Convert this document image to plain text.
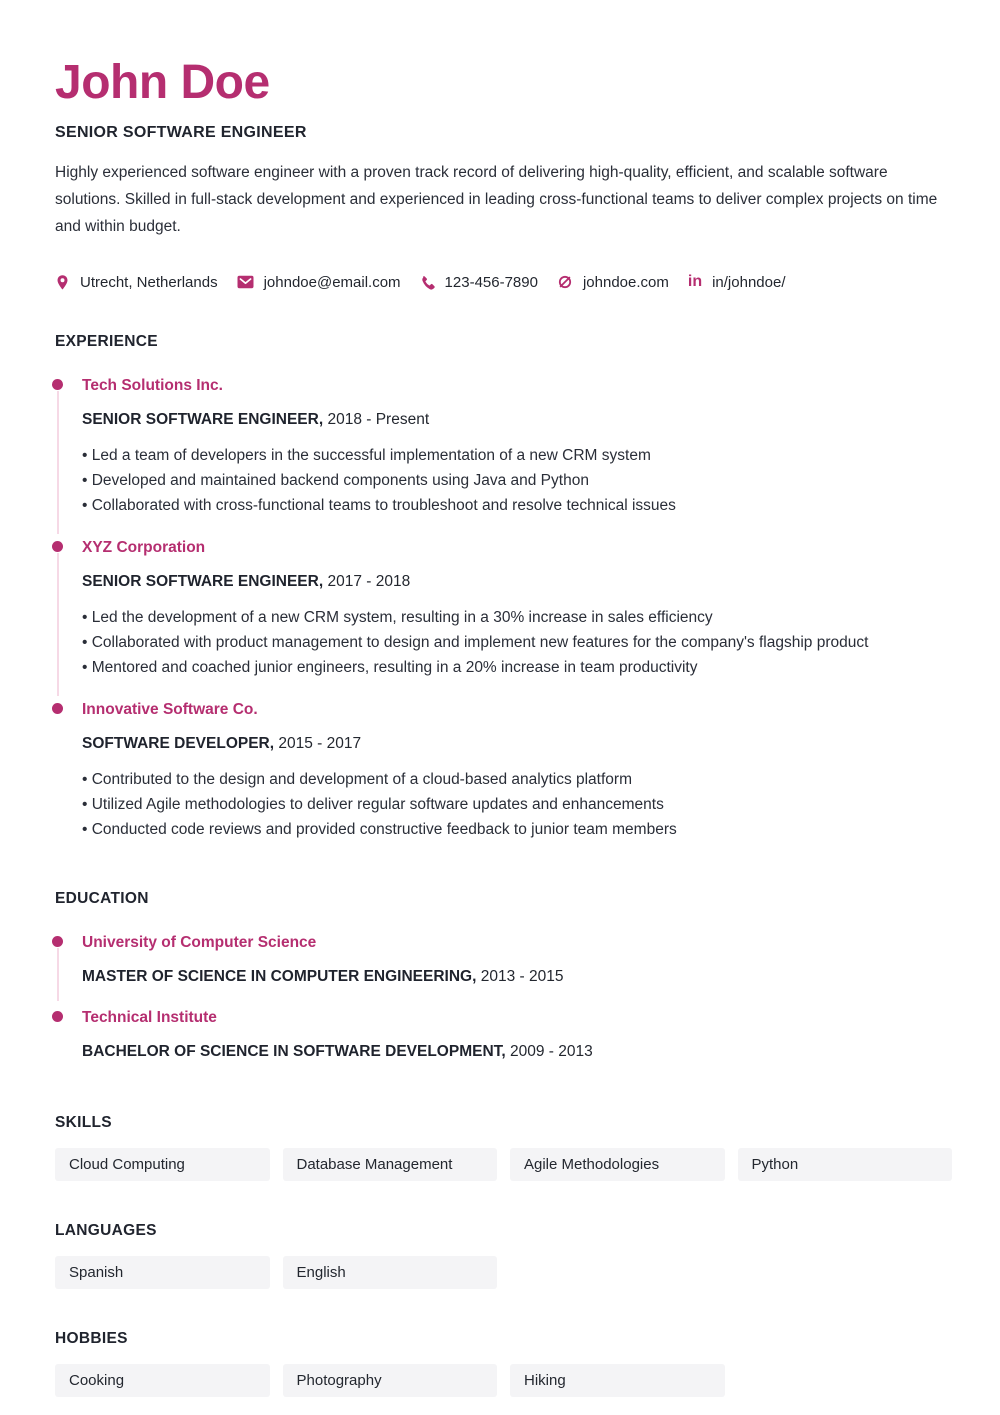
John Doe
SENIOR SOFTWARE ENGINEER
Highly experienced software engineer with a proven track record of delivering high-quality, efficient, and scalable software solutions. Skilled in full-stack development and experienced in leading cross-functional teams to deliver complex projects on time and within budget.
Utrecht, Netherlands	johndoe@email.com	123-456-7890	johndoe.com in in/johndoe/
EXPERIENCE
Tech Solutions Inc.
SENIOR SOFTWARE ENGINEER, 2018 - Present
• Led a team of developers in the successful implementation of a new CRM system
• Developed and maintained backend components using Java and Python
• Collaborated with cross-functional teams to troubleshoot and resolve technical issues
XYZ Corporation
SENIOR SOFTWARE ENGINEER, 2017 - 2018
• Led the development of a new CRM system, resulting in a 30% increase in sales efficiency
• Collaborated with product management to design and implement new features for the company's flagship product
• Mentored and coached junior engineers, resulting in a 20% increase in team productivity
Innovative Software Co.
SOFTWARE DEVELOPER, 2015 - 2017
• Contributed to the design and development of a cloud-based analytics platform
• Utilized Agile methodologies to deliver regular software updates and enhancements
• Conducted code reviews and provided constructive feedback to junior team members
EDUCATION
University of Computer Science
MASTER OF SCIENCE IN COMPUTER ENGINEERING, 2013 - 2015
Technical Institute
BACHELOR OF SCIENCE IN SOFTWARE DEVELOPMENT, 2009 - 2013
SKILLS
Cloud Computing	Database Management	Agile Methodologies	Python
LANGUAGES
Spanish	English
HOBBIES
Cooking	Photography	Hiking
